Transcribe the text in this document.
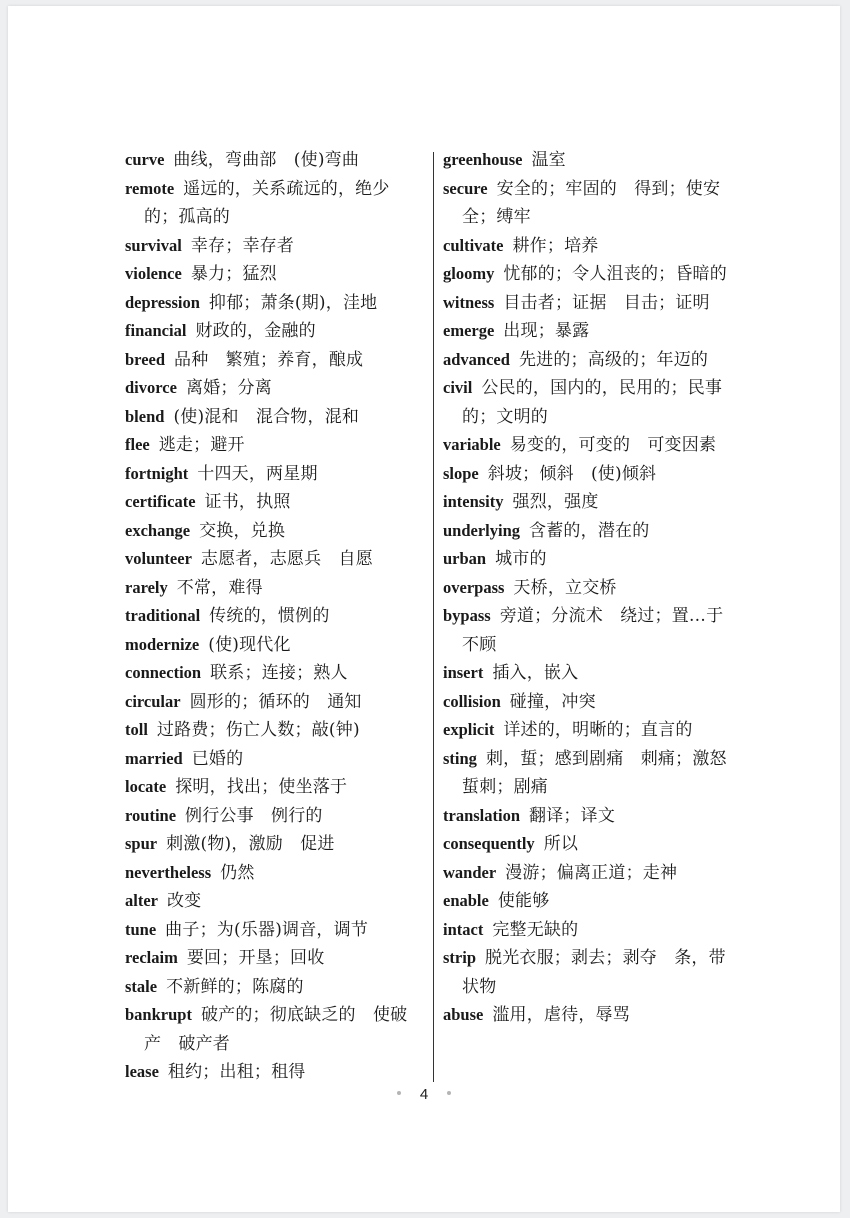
curve 曲线，弯曲部　(使)弯曲
remote 遥远的，关系疏远的，绝少的；孤高的
survival 幸存；幸存者
violence 暴力；猛烈
depression 抑郁；萧条(期)，洼地
financial 财政的，金融的
breed 品种　繁殖；养育，酿成
divorce 离婚；分离
blend (使)混和　混合物，混和
flee 逃走；避开
fortnight 十四天，两星期
certificate 证书，执照
exchange 交换，兑换
volunteer 志愿者，志愿兵　自愿
rarely 不常，难得
traditional 传统的，惯例的
modernize (使)现代化
connection 联系；连接；熟人
circular 圆形的；循环的　通知
toll 过路费；伤亡人数；敲(钟)
married 已婚的
locate 探明，找出；使坐落于
routine 例行公事　例行的
spur 刺激(物)，激励　促进
nevertheless 仍然
alter 改变
tune 曲子；为(乐器)调音，调节
reclaim 要回；开垦；回收
stale 不新鲜的；陈腐的
bankrupt 破产的；彻底缺乏的　使破产　破产者
lease 租约；出租；租得
greenhouse 温室
secure 安全的；牢固的　得到；使安全；缚牢
cultivate 耕作；培养
gloomy 忧郁的；令人沮丧的；昏暗的
witness 目击者；证据　目击；证明
emerge 出现；暴露
advanced 先进的；高级的；年迈的
civil 公民的，国内的，民用的；民事的；文明的
variable 易变的，可变的　可变因素
slope 斜坡；倾斜　(使)倾斜
intensity 强烈，强度
underlying 含蓄的，潜在的
urban 城市的
overpass 天桥，立交桥
bypass 旁道；分流术　绕过；置…于不顾
insert 插入，嵌入
collision 碰撞，冲突
explicit 详述的，明晰的；直言的
sting 刺，蜇；感到剧痛　刺痛；激怒　蜇刺；剧痛
translation 翻译；译文
consequently 所以
wander 漫游；偏离正道；走神
enable 使能够
intact 完整无缺的
strip 脱光衣服；剥去；剥夺　条，带状物
abuse 滥用，虐待，辱骂
4
